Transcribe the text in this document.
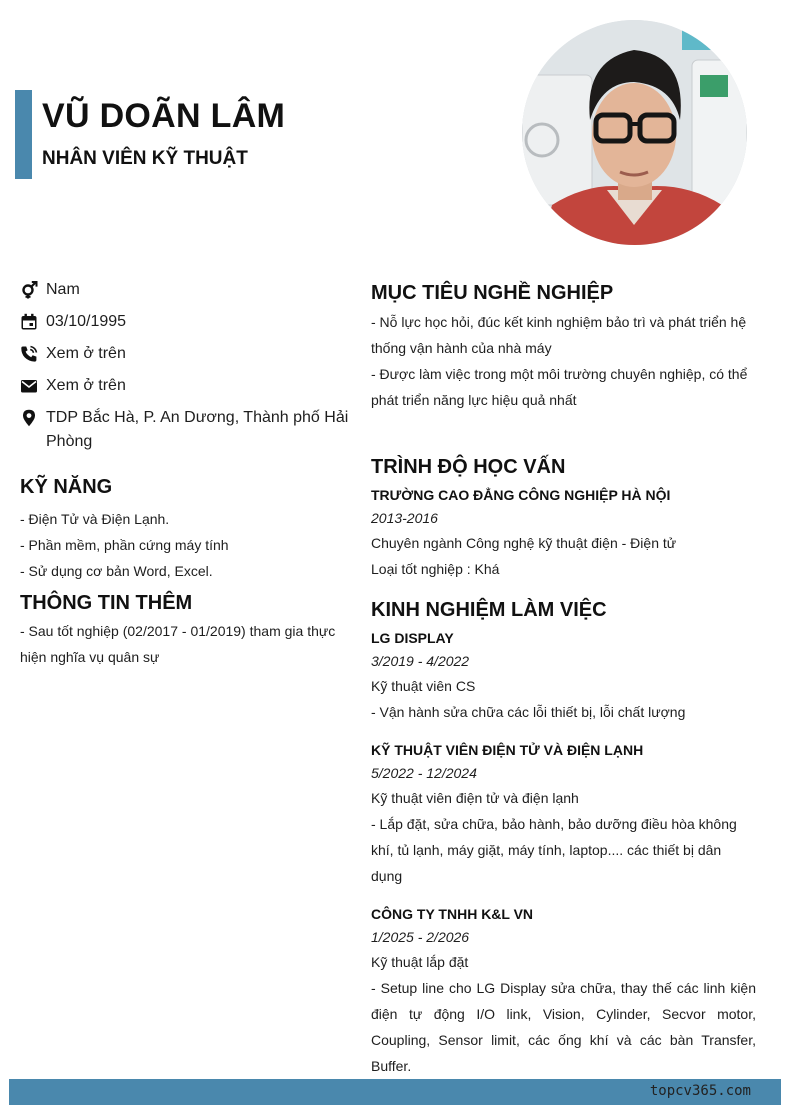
VŨ DOÃN LÂM
NHÂN VIÊN KỸ THUẬT
Nam
03/10/1995
Xem ở trên
Xem ở trên
TDP Bắc Hà, P. An Dương, Thành phố Hải Phòng
KỸ NĂNG
- Điện Tử và Điện Lạnh.
- Phần mềm, phần cứng máy tính
- Sử dụng cơ bản Word, Excel.
THÔNG TIN THÊM
- Sau tốt nghiệp (02/2017 - 01/2019) tham gia thực hiện nghĩa vụ quân sự
MỤC TIÊU NGHỀ NGHIỆP
- Nỗ lực học hỏi, đúc kết kinh nghiệm bảo trì và phát triển hệ thống vận hành của nhà máy
- Được làm việc trong một môi trường chuyên nghiệp, có thể phát triển năng lực hiệu quả nhất
TRÌNH ĐỘ HỌC VẤN
TRƯỜNG CAO ĐẲNG CÔNG NGHIỆP HÀ NỘI
2013-2016
Chuyên ngành Công nghệ kỹ thuật điện - Điện tử
Loại tốt nghiệp : Khá
KINH NGHIỆM LÀM VIỆC
LG DISPLAY
3/2019 - 4/2022
Kỹ thuật viên CS
- Vận hành sửa chữa các lỗi thiết bị, lỗi chất lượng
KỸ THUẬT VIÊN ĐIỆN TỬ VÀ ĐIỆN LẠNH
5/2022 - 12/2024
Kỹ thuật viên điện tử và điện lạnh
- Lắp đặt, sửa chữa, bảo hành, bảo dưỡng điều hòa không khí, tủ lạnh, máy giặt, máy tính, laptop.... các thiết bị dân dụng
CÔNG TY TNHH K&L VN
1/2025 - 2/2026
Kỹ thuật lắp đặt
- Setup line cho LG Display sửa chữa, thay thế các linh kiện điện tự động I/O link, Vision, Cylinder, Secvor motor, Coupling, Sensor limit, các ống khí và các bàn Transfer, Buffer.
topcv365.com
